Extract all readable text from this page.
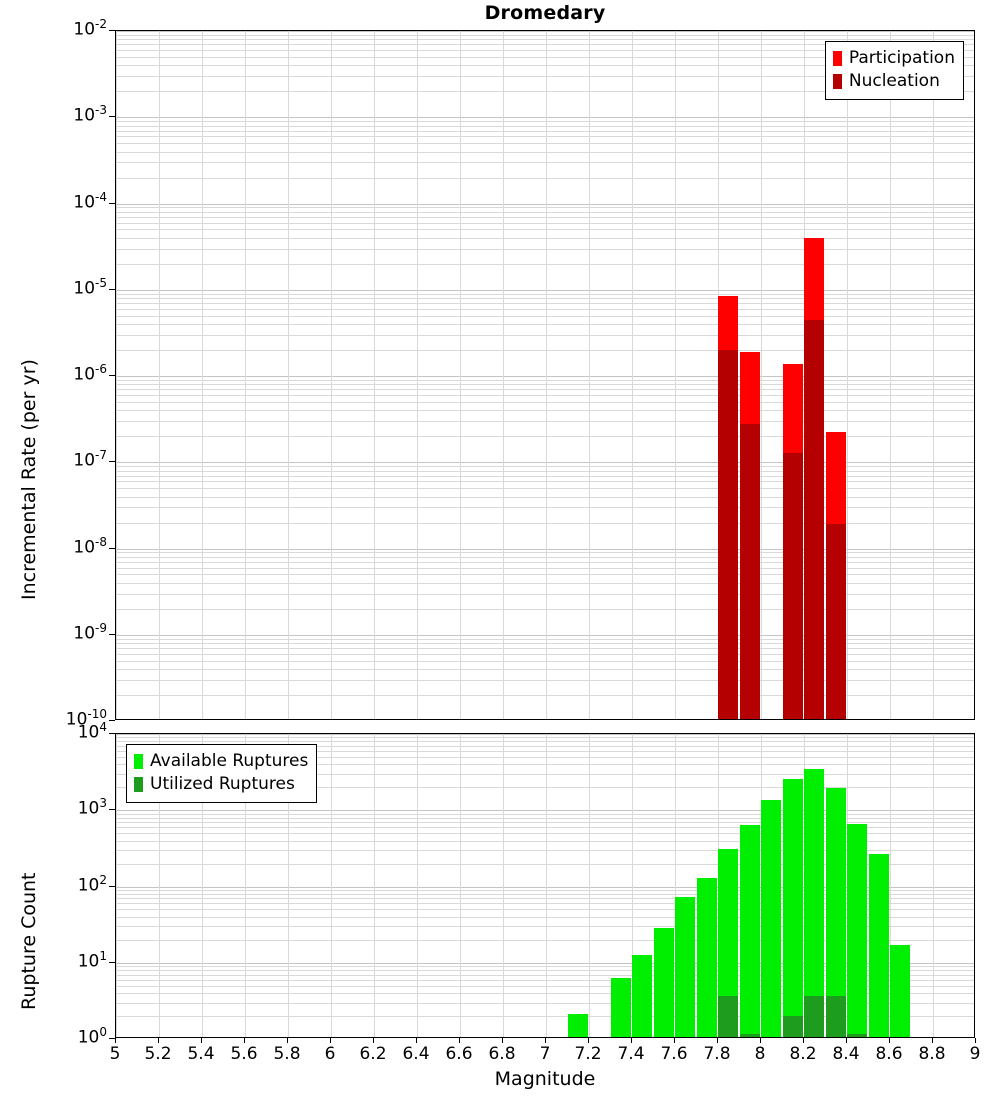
Dromedary
Participation
Nucleation
Available Ruptures
Utilized Ruptures
Incremental Rate (per yr)
Rupture Count
Magnitude
$10^{-2}$
$10^{-3}$
$10^{-4}$
$10^{-5}$
$10^{-6}$
$10^{-7}$
$10^{-8}$
$10^{-9}$
$10^{-10}$
$10^4$
$10^3$
$10^2$
$10^1$
$10^0$
5	5.2 5.4 5.6 5.8	6	6.2 6.4 6.6 6.8	7	7.2 7.4 7.6 7.8	8	8.2 8.4 8.6 8.8	9
